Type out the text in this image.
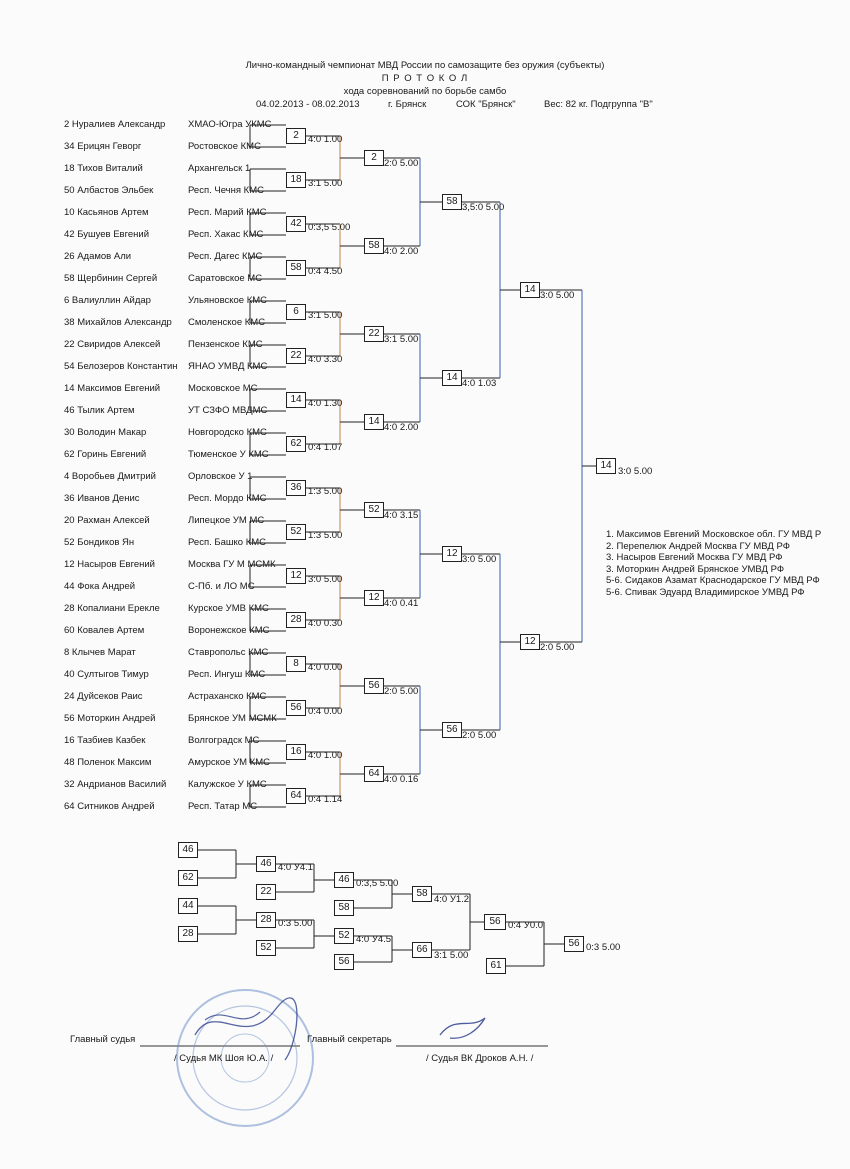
Лично-командный чемпионат МВД России по самозащите без оружия (субъекты)
П Р О Т О К О Л
хода соревнований по борьбе самбо
04.02.2013 - 08.02.2013	г. Брянск	СОК "Брянск"	Вес: 82 кг. Подгруппа "В"
2 Нуралиев Александр ХМАО-Югра УКМС
34 Ерицян Геворг	Ростовское КМС
18 Тихов Виталий	Архангельск 1
50 Албастов Эльбек	Респ. Чечня КМС
10 Касьянов Артем	Респ. Марий КМС
42 Бушуев Евгений	Респ. Хакас КМС
26 Адамов Али	Респ. Дагес КМС
58 Щербинин Сергей	Саратовское МС
6 Валиуллин Айдар	Ульяновское КМС
38 Михайлов Александр Смоленское КМС
22 Свиридов Алексей	Пензенское КМС
54 Белозеров Константин ЯНАО УМВД КМС
14 Максимов Евгений	Московское МС
46 Тылик Артем	УТ СЗФО МВДМС
30 Володин Макар	Новгородско КМС
62 Горинь Евгений	Тюменское У КМС
4 Воробьев Дмитрий	Орловское У 1
36 Иванов Денис	Респ. Мордо КМС
20 Рахман Алексей	Липецкое УМ МС
52 Бондиков Ян	Респ. Башко КМС
12 Насыров Евгений	Москва ГУ М МСМК
44 Фока Андрей	С-Пб. и ЛО МС
28 Копалиани Ерекле	Курское УМВ КМС
60 Ковалев Артем	Воронежское КМС
8 Клычев Марат	Ставропольс КМС
40 Султыгов Тимур	Респ. Ингуш КМС
24 Дуйсеков Раис	Астраханско КМС
56 Моторкин Андрей	Брянское УМ МСМК
16 Тазбиев Казбек	Волгоградск МС
48 Поленок Максим	Амурское УМ КМС
32 Андрианов Василий Калужское У КМС
64 Ситников Андрей	Респ. Татар МС
2 4:0 1.00
18 3:1 5.00
42 0:3,5 5.00
58 0:4 4.50
6 3:1 5.00
22 4:0 3.30
14 4:0 1.30
62 0:4 1.07
36 1:3 5.00
52 1:3 5.00
12 3:0 5.00
28 4:0 0.30
8 4:0 0.00
56 0:4 0.00
16 4:0 1.00
64 0:4 1.14
2
2:0 5.00
58
4:0 2.00
22
3:1 5.00
14
4:0 2.00
52
4:0 3.15
12
4:0 0.41
56
2:0 5.00
64
4:0 0.16
58
3,5:0 5.00
14
4:0 1.03
12
3:0 5.00
56
2:0 5.00
14
3:0 5.00
12
2:0 5.00
14
3:0 5.00
1. Максимов Евгений Московское обл. ГУ МВД Р
2. Перепелюк Андрей Москва ГУ МВД РФ
3. Насыров Евгений Москва ГУ МВД РФ
3. Моторкин Андрей Брянское УМВД РФ
5-6. Сидаков Азамат Краснодарское ГУ МВД РФ
5-6. Спивак Эдуард Владимирское УМВД РФ
46
62
44
28
46 4:0 У4.1
22
28 0:3 5.00
52
46 0:3,5 5.00
58
52 4:0 У4.5
56
58
4:0 У1.2
66
3:1 5.00
56 0:4 У0.0
61
56 0:3 5.00
Главный судья
/ Судья МК Шоя Ю.А. /
Главный секретарь
/ Судья ВК Дроков А.Н. /
